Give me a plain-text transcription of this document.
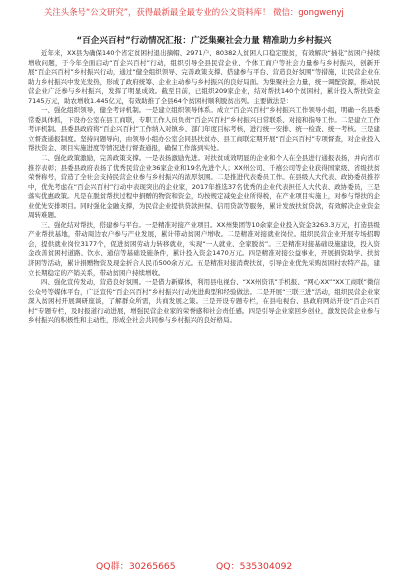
关注头条号“公文研究”，获得最新最全最专业的公文资料库！ 微信：gongwenyj
“百企兴百村”行动情况汇报：广泛集聚社会力量 精准助力乡村振兴

近年来，XX县为确保140个省定贫困村退出摘帽、2971户、80382人贫困人口稳定脱贫，有效解决“插花”贫困户持续增收问题，于今年全面启动“百企兴百村”行动，组织引导全县民营企业、个体工商户等社会力量参与乡村振兴，创新开展“百企兴百村”乡村振兴行动，通过“健全组织领导、完善政策支撑、搭建参与平台、营造良好氛围”等措施，让民营企业在助力乡村振兴中发光发热，形成了政府统筹、企业主动参与乡村振兴的良好局面。为集聚社会力量，统一调配资源，推动民营企业广泛参与乡村振兴，发挥了明显成效。截至目前，已组织209家企业，结对帮扶140个贫困村，累计投入帮扶资金7145万元，助农增收1.445亿元，有效助推了全县64个贫困村顺利脱贫出列。主要做法是：

一、强化组织领导，健全考评机制。一是建立组织领导体系。成立“百企兴百村”乡村振兴工作领导小组，明确一名县委常委具体抓，下设办公室在县工商联，专职工作人员负责“百企兴百村”乡村振兴日常联系、对接和指导工作。二是建立工作考评机制。县委县政府将“百企兴百村”工作纳入对镇乡、部门年度目标考核，进行统一安排、统一检查、统一考核。三是建立督查通报制度。坚持问题导向，由领导小组办公室会同县扶贫办、县工商联定期开展“百企兴百村”专项督查，对企业投入帮扶资金、项目实施进度等情况进行督查通报，确保工作落到实处。

二、强化政策激励，完善政策支撑。一是表扬激励先进。对扶贫成效明显的企业和个人在全县进行通报表扬，并向省市推荐表彰；县委县政府表扬了优秀民营企业36家企业和19名先进个人；XX州公司、千禧公司等企业获得国家级、省级扶贫荣誉称号，营造了全社会支持民营企业参与乡村振兴的浓厚氛围。二是推进代表委员工作。在县级人大代表、政协委员推荐中，优先考虑在“百企兴百村”行动中表现突出的企业家，2017年推选37名优秀的企业代表担任人大代表、政协委员，三是落实优惠政策。凡是在脱贫帮扶过程中捐赠的物资和资金，均按规定减免企业所得税，在产业项目实施上，对参与帮扶的企业优先安排项目。同时强化金融支撑，为民营企业提供贷款担保、信用贷款等服务，累计发放扶贫贷款，有效解决企业资金周转难题。

三、强化结对帮扶，搭建参与平台。一是精准对接产业项目。XX州集团等10余家企业投入资金3263.3万元，打造县级产业帮扶基地，带动周边农户参与产业发展，累计带动贫困户增收。二是精准对接就业岗位。组织民营企业开展专场招聘会，提供就业岗位3177个，促进贫困劳动力转移就业，实现“一人就业、全家脱贫”。三是精准对接基础设施建设，投入资金改善贫困村道路、饮水、通信等基础设施条件，累计投入资金1470万元。四是精准对接公益事业，开展捐资助学、扶贫济困等活动，累计捐赠物资及现金折合人民币500余万元。五是精准对接消费扶贫，引导企业优先采购贫困村农特产品，建立长期稳定的产销关系，带动贫困户持续增收。

四、强化宣传发动，营造良好氛围。一是借力新媒体，利用县电视台、“XX州资讯”手机报、“网心XX”“XX工商联”微信公众号等媒体平台，广泛宣传“百企兴百村”乡村振兴行动先进典型和经验做法。二是开展“三联三进”活动，组织民营企业家深入贫困村开展调研座谈，了解群众所需，共商发展之策。三是开设专题专栏，在县电视台、县政府网站开设“百企兴百村”专题专栏，及时报道行动进展，增强民营企业家的荣誉感和社会责任感。四是引导企业家回乡创业，激发民营企业参与乡村振兴的积极性和主动性，形成全社会共同参与乡村振兴的良好格局。

QQ群：30265665	QQ：535304092
